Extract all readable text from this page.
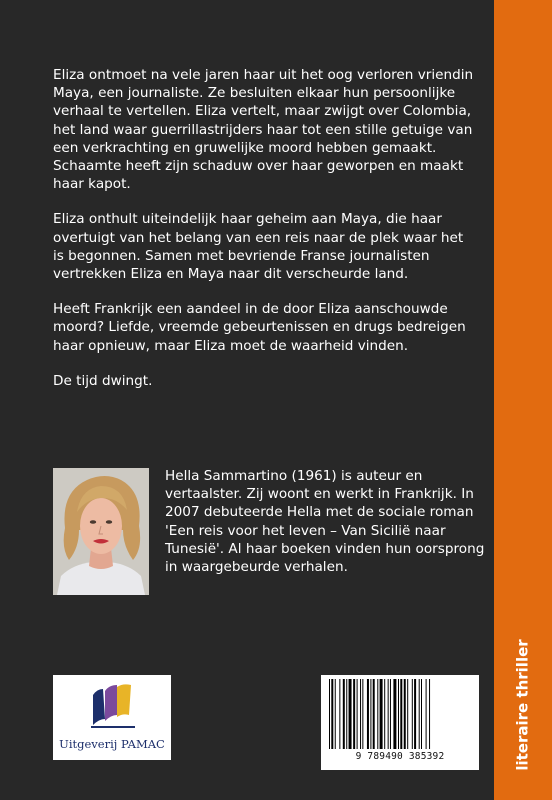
Eliza ontmoet na vele jaren haar uit het oog verloren vriendin Maya, een journaliste. Ze besluiten elkaar hun persoonlijke verhaal te vertellen. Eliza vertelt, maar zwijgt over Colombia, het land waar guerrillastrijders haar tot een stille getuige van een verkrachting en gruwelijke moord hebben gemaakt. Schaamte heeft zijn schaduw over haar geworpen en maakt haar kapot.

Eliza onthult uiteindelijk haar geheim aan Maya, die haar overtuigt van het belang van een reis naar de plek waar het is begonnen. Samen met bevriende Franse journalisten vertrekken Eliza en Maya naar dit verscheurde land.

Heeft Frankrijk een aandeel in de door Eliza aanschouwde moord? Liefde, vreemde gebeurtenissen en drugs bedreigen haar opnieuw, maar Eliza moet de waarheid vinden.

De tijd dwingt.

Hella Sammartino (1961) is auteur en vertaalster. Zij woont en werkt in Frankrijk. In 2007 debuteerde Hella met de sociale roman 'Een reis voor het leven – Van Sicilië naar Tunesië'. Al haar boeken vinden hun oorsprong in waargebeurde verhalen.
Uitgeverij PAMAC
9 789490 385392	literaire thriller
